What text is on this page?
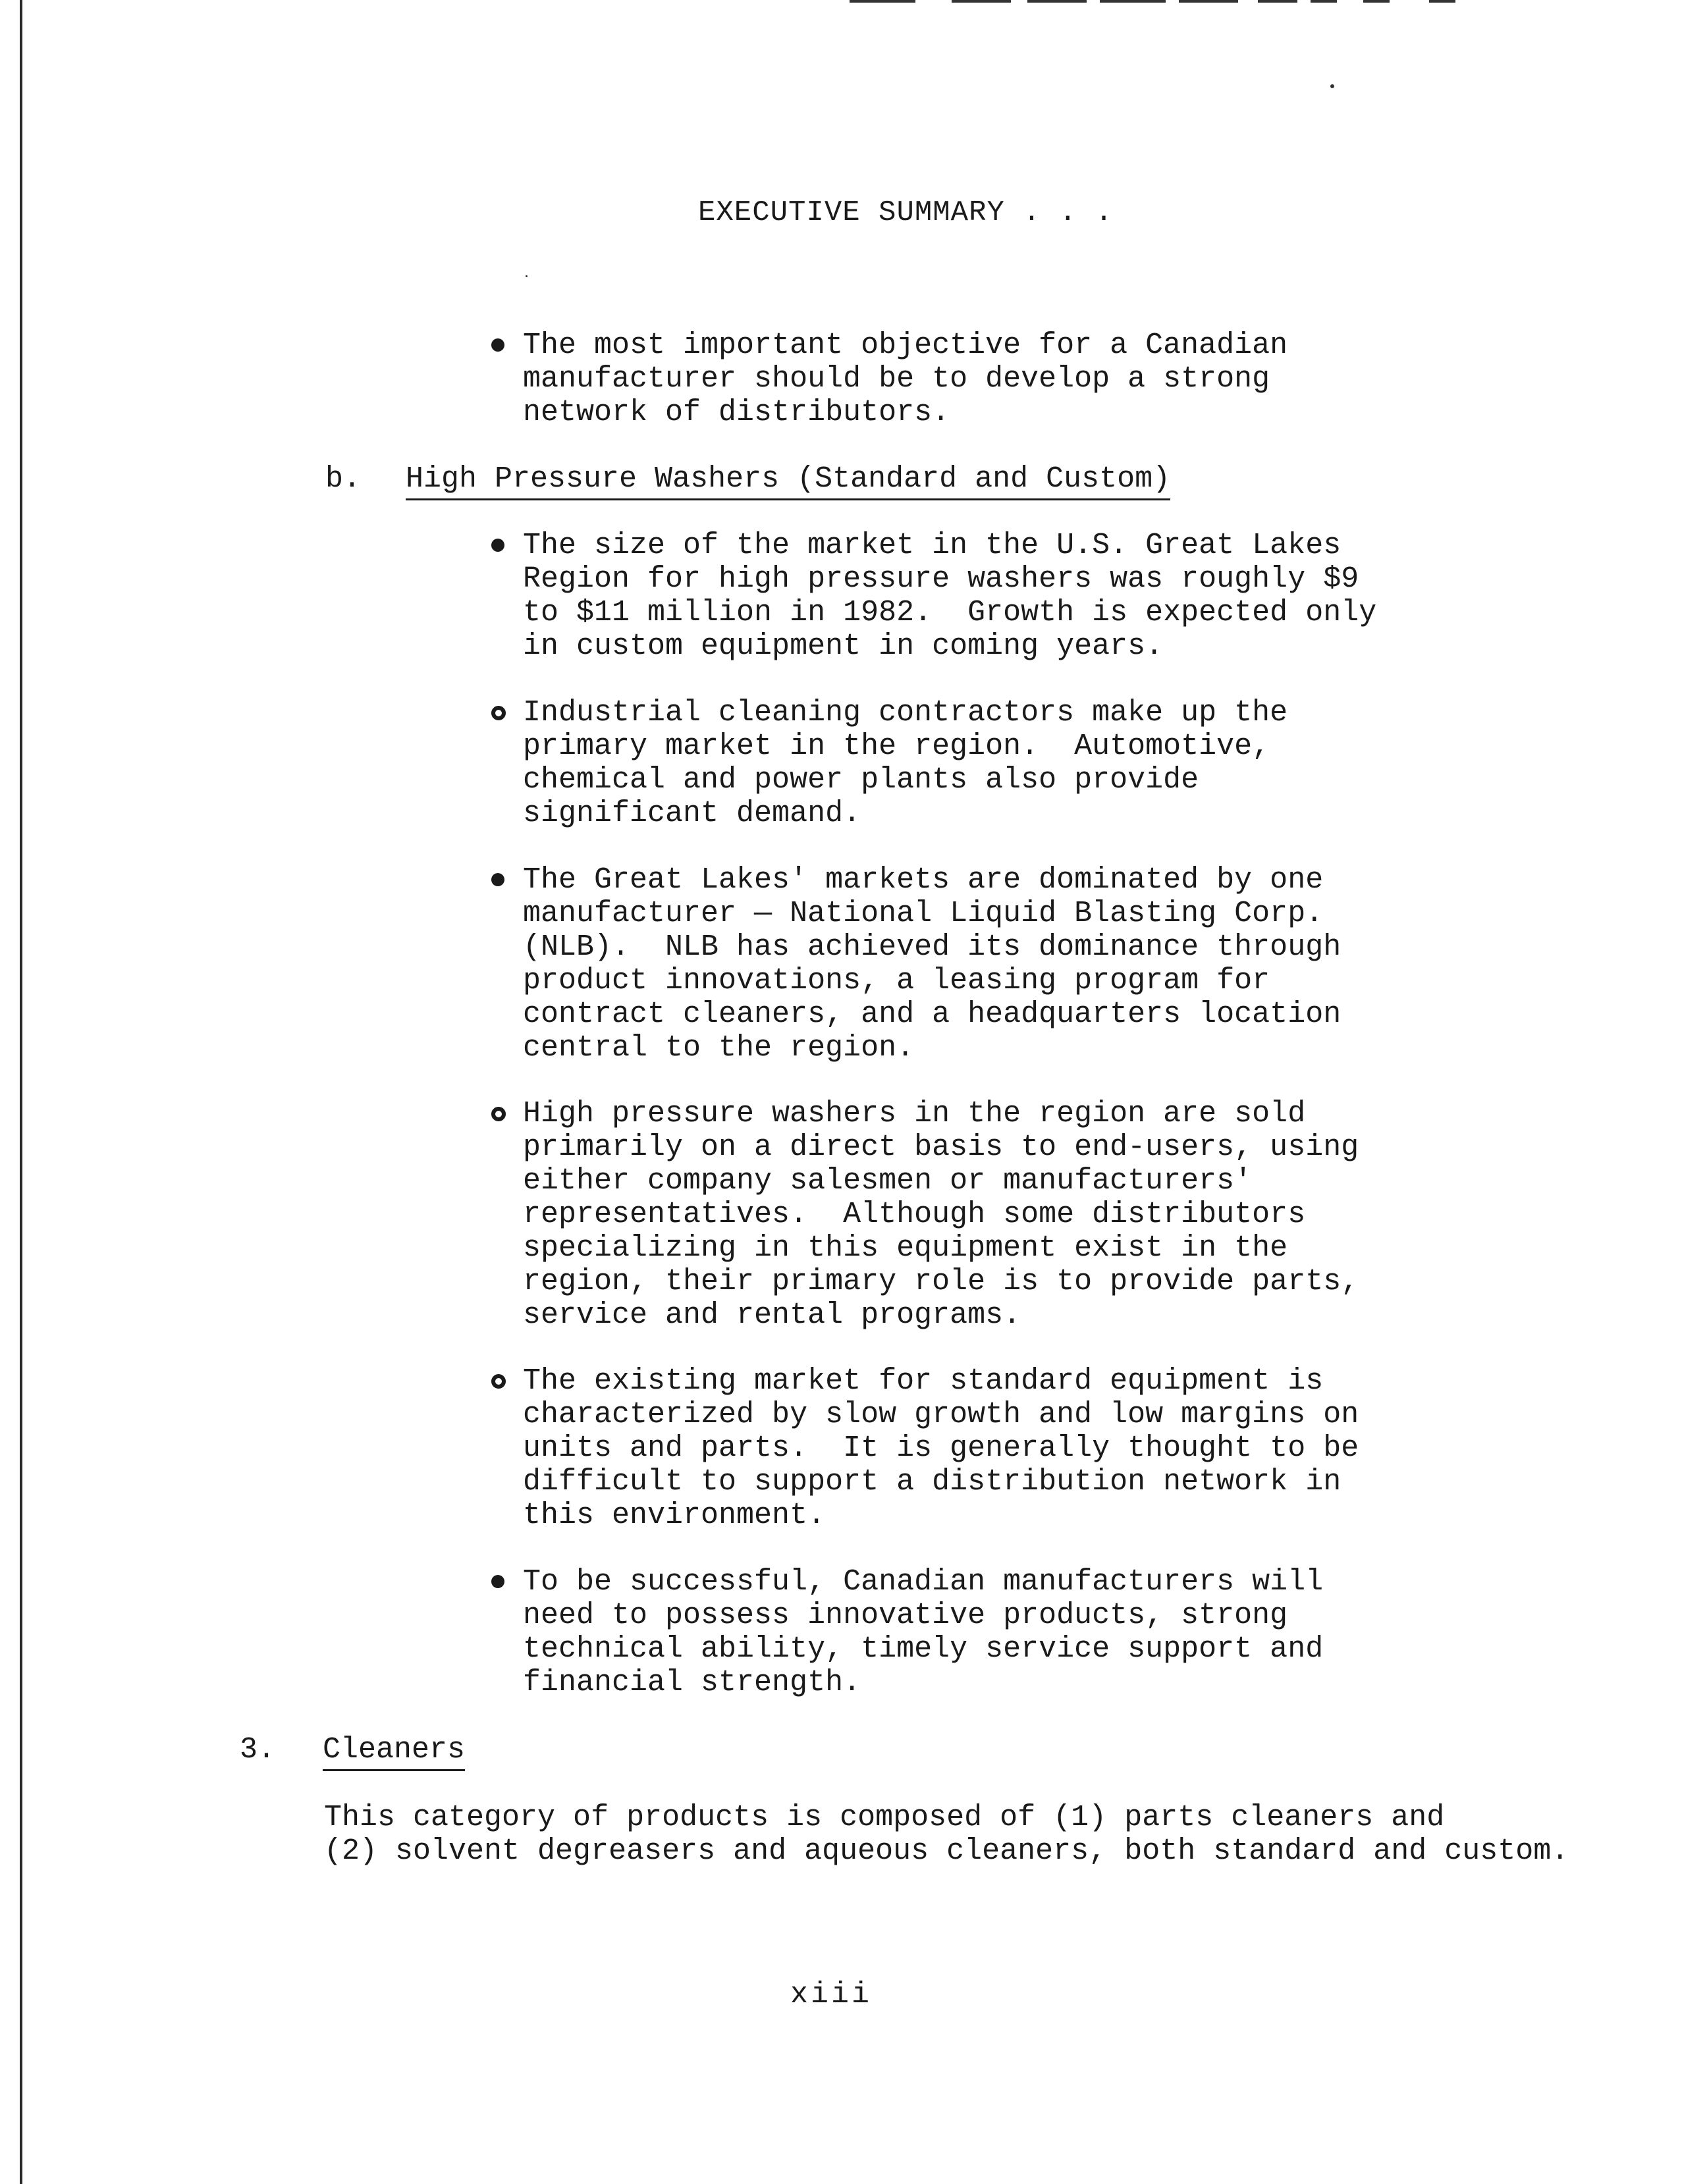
EXECUTIVE SUMMARY . . .
The most important objective for a Canadian
manufacturer should be to develop a strong
network of distributors.
b. High Pressure Washers (Standard and Custom)
The size of the market in the U.S. Great Lakes
Region for high pressure washers was roughly $9
to $11 million in 1982.  Growth is expected only
in custom equipment in coming years.
Industrial cleaning contractors make up the
primary market in the region.  Automotive,
chemical and power plants also provide
significant demand.
The Great Lakes' markets are dominated by one
manufacturer — National Liquid Blasting Corp.
(NLB).  NLB has achieved its dominance through
product innovations, a leasing program for
contract cleaners, and a headquarters location
central to the region.
High pressure washers in the region are sold
primarily on a direct basis to end-users, using
either company salesmen or manufacturers'
representatives.  Although some distributors
specializing in this equipment exist in the
region, their primary role is to provide parts,
service and rental programs.
The existing market for standard equipment is
characterized by slow growth and low margins on
units and parts.  It is generally thought to be
difficult to support a distribution network in
this environment.
To be successful, Canadian manufacturers will
need to possess innovative products, strong
technical ability, timely service support and
financial strength.
3. Cleaners
This category of products is composed of (1) parts cleaners and
(2) solvent degreasers and aqueous cleaners, both standard and custom.
xiii
